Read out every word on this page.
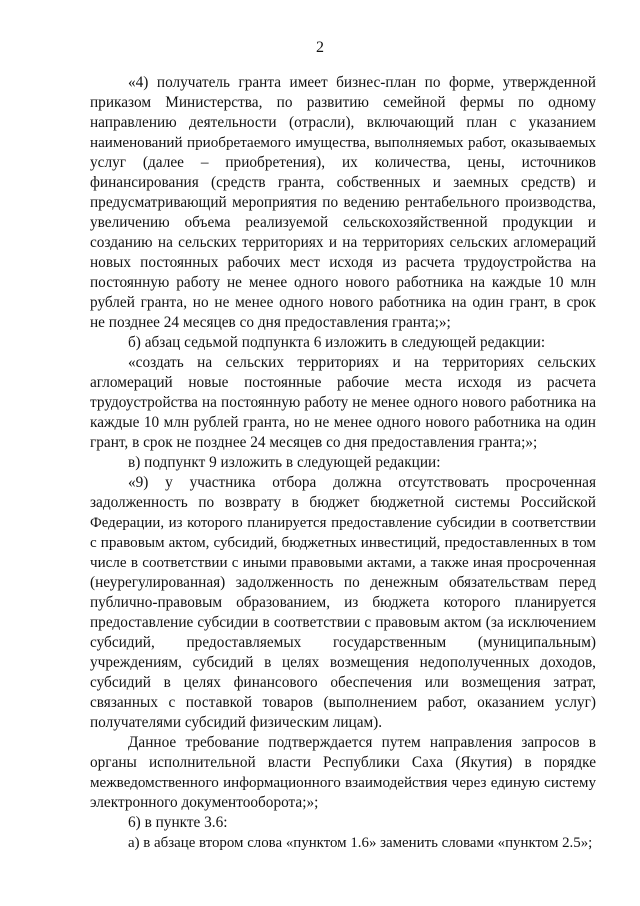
2
«4) получатель гранта имеет бизнес-план по форме, утвержденной
приказом Министерства, по развитию семейной фермы по одному
направлению деятельности (отрасли), включающий план с указанием
наименований приобретаемого имущества, выполняемых работ, оказываемых
услуг (далее – приобретения), их количества, цены, источников
финансирования (средств гранта, собственных и заемных средств) и
предусматривающий мероприятия по ведению рентабельного производства,
увеличению объема реализуемой сельскохозяйственной продукции и
созданию на сельских территориях и на территориях сельских агломераций
новых постоянных рабочих мест исходя из расчета трудоустройства на
постоянную работу не менее одного нового работника на каждые 10 млн
рублей гранта, но не менее одного нового работника на один грант, в срок
не позднее 24 месяцев со дня предоставления гранта;»;
б) абзац седьмой подпункта 6 изложить в следующей редакции:
«создать на сельских территориях и на территориях сельских
агломераций новые постоянные рабочие места исходя из расчета
трудоустройства на постоянную работу не менее одного нового работника на
каждые 10 млн рублей гранта, но не менее одного нового работника на один
грант, в срок не позднее 24 месяцев со дня предоставления гранта;»;
в) подпункт 9 изложить в следующей редакции:
«9) у участника отбора должна отсутствовать просроченная
задолженность по возврату в бюджет бюджетной системы Российской
Федерации, из которого планируется предоставление субсидии в соответствии
с правовым актом, субсидий, бюджетных инвестиций, предоставленных в том
числе в соответствии с иными правовыми актами, а также иная просроченная
(неурегулированная) задолженность по денежным обязательствам перед
публично-правовым образованием, из бюджета которого планируется
предоставление субсидии в соответствии с правовым актом (за исключением
субсидий, предоставляемых государственным (муниципальным)
учреждениям, субсидий в целях возмещения недополученных доходов,
субсидий в целях финансового обеспечения или возмещения затрат,
связанных с поставкой товаров (выполнением работ, оказанием услуг)
получателями субсидий физическим лицам).
Данное требование подтверждается путем направления запросов в
органы исполнительной власти Республики Саха (Якутия) в порядке
межведомственного информационного взаимодействия через единую систему
электронного документооборота;»;
6) в пункте 3.6:
а) в абзаце втором слова «пунктом 1.6» заменить словами «пунктом 2.5»;
